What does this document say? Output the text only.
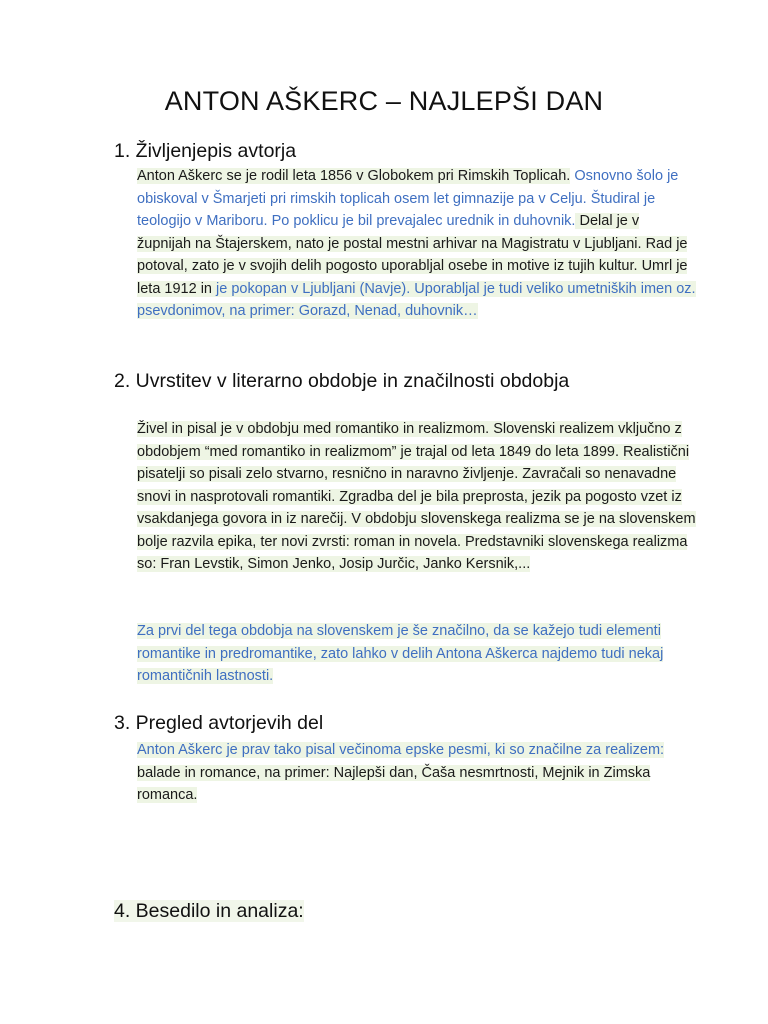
ANTON AŠKERC – NAJLEPŠI DAN
1. Življenjepis avtorja
Anton Aškerc se je rodil leta 1856 v Globokem pri Rimskih Toplicah. Osnovno šolo je obiskoval v Šmarjeti pri rimskih toplicah osem let gimnazije pa v Celju. Študiral je teologijo v Mariboru. Po poklicu je bil prevajalec urednik in duhovnik. Delal je v župnijah na Štajerskem, nato je postal mestni arhivar na Magistratu v Ljubljani. Rad je potoval, zato je v svojih delih pogosto uporabljal osebe in motive iz tujih kultur. Umrl je leta 1912 in je pokopan v Ljubljani (Navje). Uporabljal je tudi veliko umetniških imen oz. psevdonimov, na primer: Gorazd, Nenad, duhovnik…
2. Uvrstitev v literarno obdobje in značilnosti obdobja
Živel in pisal je v obdobju med romantiko in realizmom. Slovenski realizem vključno z obdobjem “med romantiko in realizmom” je trajal od leta 1849 do leta 1899. Realistični pisatelji so pisali zelo stvarno, resnično in naravno življenje. Zavračali so nenavadne snovi in nasprotovali romantiki. Zgradba del je bila preprosta, jezik pa pogosto vzet iz vsakdanjega govora in iz narečij. V obdobju slovenskega realizma se je na slovenskem bolje razvila epika, ter novi zvrsti: roman in novela. Predstavniki slovenskega realizma so: Fran Levstik, Simon Jenko, Josip Jurčic, Janko Kersnik,...
Za prvi del tega obdobja na slovenskem je še značilno, da se kažejo tudi elementi romantike in predromantike, zato lahko v delih Antona Aškerca najdemo tudi nekaj romantičnih lastnosti.
3. Pregled avtorjevih del
Anton Aškerc je prav tako pisal večinoma epske pesmi, ki so značilne za realizem: balade in romance, na primer: Najlepši dan, Čaša nesmrtnosti, Mejnik in Zimska romanca.
4. Besedilo in analiza:
